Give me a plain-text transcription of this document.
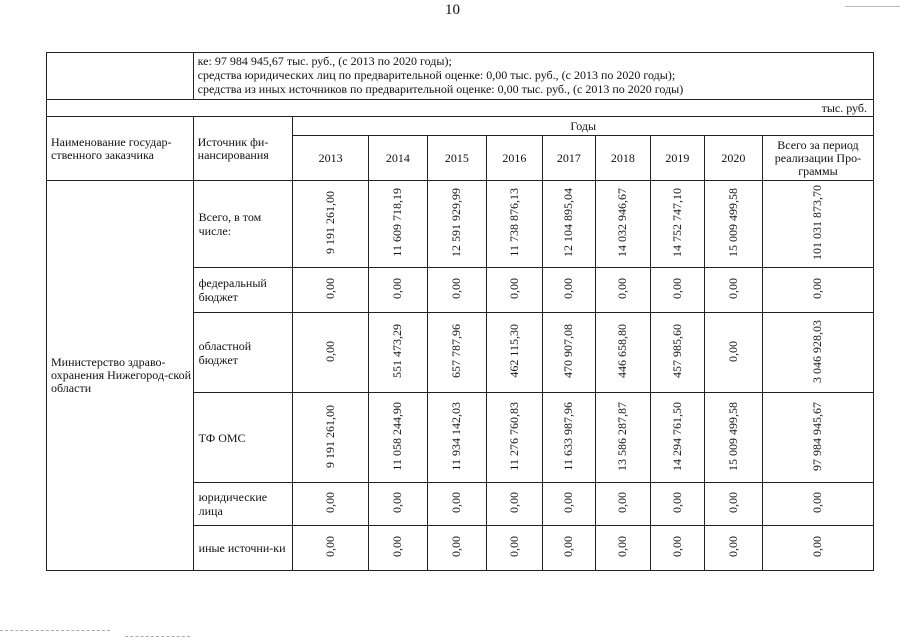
10

	ке: 97 984 945,67 тыс. руб., (с 2013 по 2020 годы);
средства юридических лиц по предварительной оценке: 0,00 тыс. руб., (с 2013 по 2020 годы);
средства из иных источников по предварительной оценке: 0,00 тыс. руб., (с 2013 по 2020 годы)									

тыс. руб.										
Наименование государ-ственного заказчика	Источник фи-нансирования	Годы								
		2013	2014	2015	2016	2017	2018	2019	2020	Всего за период реализации Про-граммы
Министерство здраво-охранения Нижегород-ской области	Всего, в том числе:	9 191 261,00	11 609 718,19	12 591 929,99	11 738 876,13	12 104 895,04	14 032 946,67	14 752 747,10	15 009 499,58	101 031 873,70
	федеральный бюджет	0,00	0,00	0,00	0,00	0,00	0,00	0,00	0,00	0,00
	областной бюджет	0,00	551 473,29	657 787,96	462 115,30	470 907,08	446 658,80	457 985,60	0,00	3 046 928,03
	ТФ ОМС	9 191 261,00	11 058 244,90	11 934 142,03	11 276 760,83	11 633 987,96	13 586 287,87	14 294 761,50	15 009 499,58	97 984 945,67
	юридические лица	0,00	0,00	0,00	0,00	0,00	0,00	0,00	0,00	0,00
	иные источни-ки	0,00	0,00	0,00	0,00	0,00	0,00	0,00	0,00	0,00
